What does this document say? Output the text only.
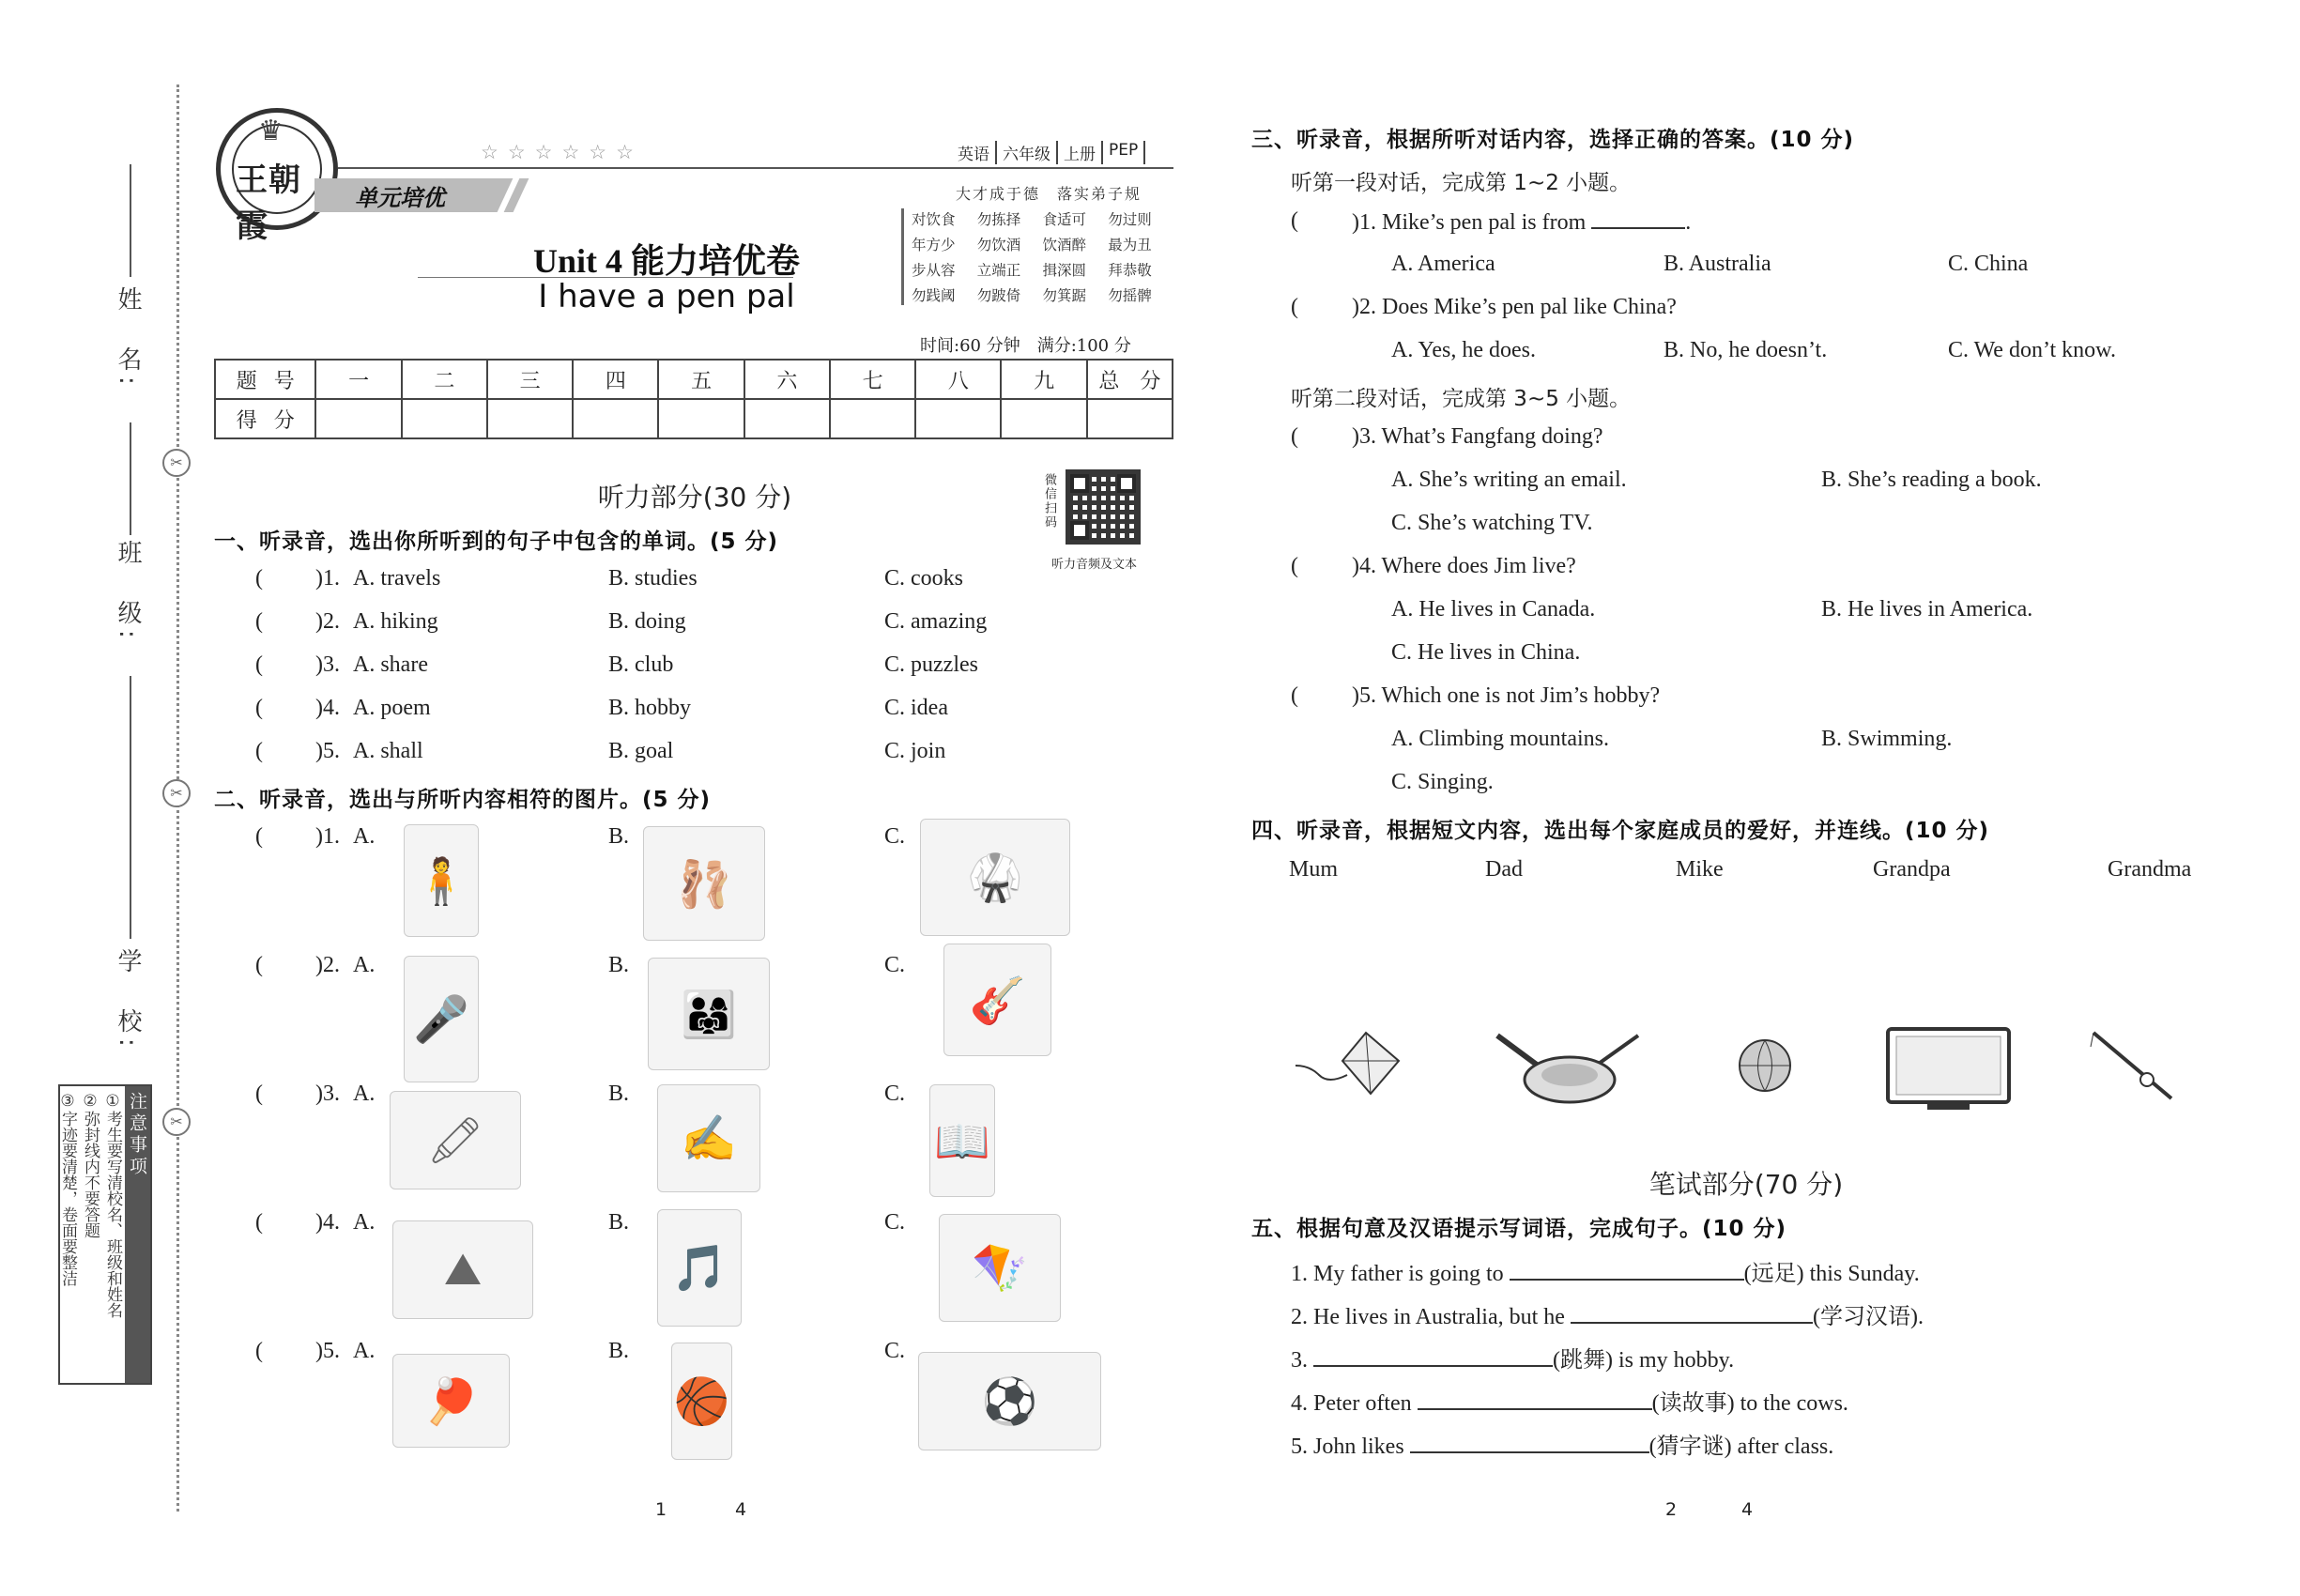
✂
✂
✂
姓　名:
班　级:
学　校:
注意事项
①考生要写清校名、班级和姓名
②弥封线内不要答题
③字迹要清楚，卷面要整洁
♛
王朝霞
单元培优
☆☆☆☆☆☆	英语 六年级 上册 PEP
大才成于德　落实弟子规
对饮食	勿拣择	食适可	勿过则
年方少	勿饮酒	饮酒醉	最为丑
步从容	立端正	揖深圆	拜恭敬
勿践阈	勿跛倚	勿箕踞	勿摇髀
Unit 4 能力培优卷
I have a pen pal
时间:60 分钟　满分:100 分
题号	一	二	三	四	五	六	七	八	九	总　分
得分										
听力部分(30 分)	微信扫码
听力音频及文本
一、听录音，选出你所听到的句子中包含的单词。(5 分)
( )1. A. travels	B. studies	C. cooks
( )2. A. hiking	B. doing	C. amazing
( )3. A. share	B. club	C. puzzles
( )4. A. poem	B. hobby	C. idea
( )5. A. shall	B. goal	C. join
二、听录音，选出与所听内容相符的图片。(5 分)
( )1. A.	B.	C.
🧍	🩰	🥋
( )2. A.	B.	C.
🎤	👨‍👩‍👧	🎸
( )3. A.	B.	C.
🖍	✍	📖
( )4. A.	B.	C.
⛰	🎵	🪁
( )5. A.	B.	C.
🏓	🏀	⚽
1	4
三、听录音，根据所听对话内容，选择正确的答案。(10 分)
听第一段对话，完成第 1~2 小题。
( )1. Mike’s pen pal is from	.
A. America	B. Australia	C. China
( )2. Does Mike’s pen pal like China?
A. Yes, he does.	B. No, he doesn’t.	C. We don’t know.
听第二段对话，完成第 3~5 小题。
( )3. What’s Fangfang doing?
A. She’s writing an email.	B. She’s reading a book.
C. She’s watching TV.
( )4. Where does Jim live?
A. He lives in Canada.	B. He lives in America.
C. He lives in China.
( )5. Which one is not Jim’s hobby?
A. Climbing mountains.	B. Swimming.
C. Singing.
四、听录音，根据短文内容，选出每个家庭成员的爱好，并连线。(10 分)
Mum	Dad	Mike	Grandpa	Grandma
笔试部分(70 分)
五、根据句意及汉语提示写词语，完成句子。(10 分)
1. My father is going to	(远足) this Sunday.
2. He lives in Australia, but he	(学习汉语).
3.	(跳舞) is my hobby.
4. Peter often	(读故事) to the cows.
5. John likes	(猜字谜) after class.
2	4
